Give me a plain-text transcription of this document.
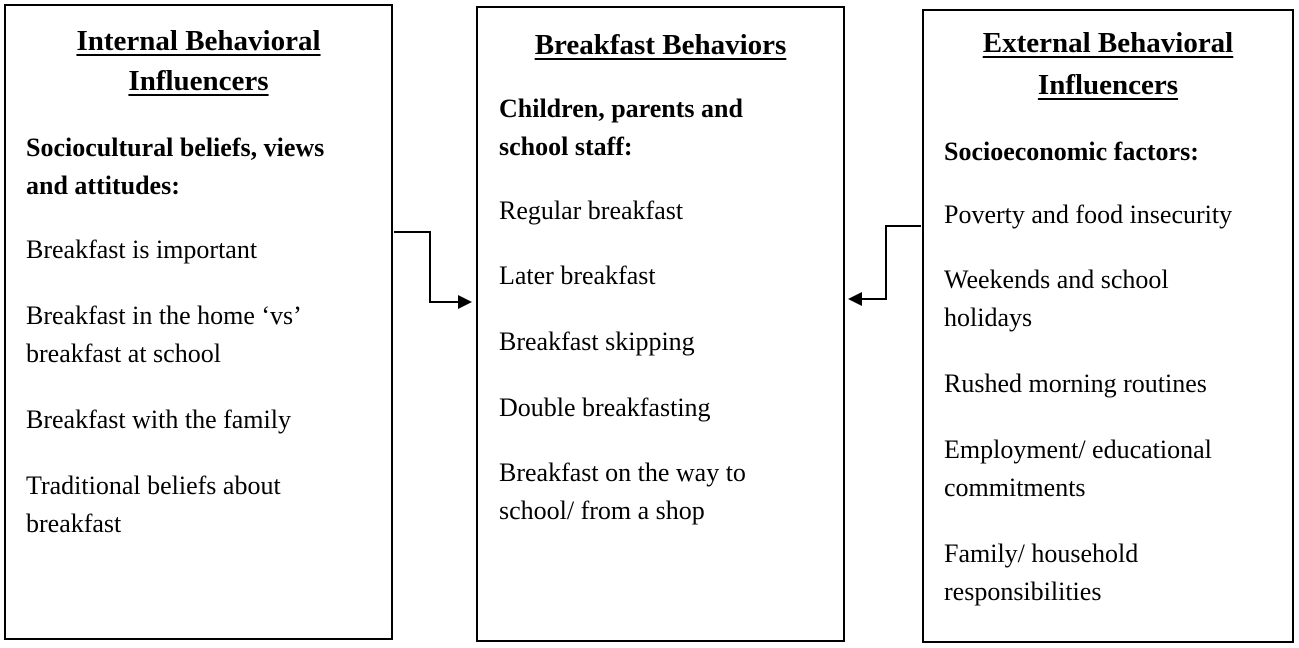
Internal Behavioral
Influencers
Sociocultural beliefs, views
and attitudes:
Breakfast is important
Breakfast in the home ‘vs’
breakfast at school
Breakfast with the family
Traditional beliefs about
breakfast
Breakfast Behaviors
Children, parents and
school staff:
Regular breakfast
Later breakfast
Breakfast skipping
Double breakfasting
Breakfast on the way to
school/ from a shop
External Behavioral
Influencers
Socioeconomic factors:
Poverty and food insecurity
Weekends and school
holidays
Rushed morning routines
Employment/ educational
commitments
Family/ household
responsibilities
